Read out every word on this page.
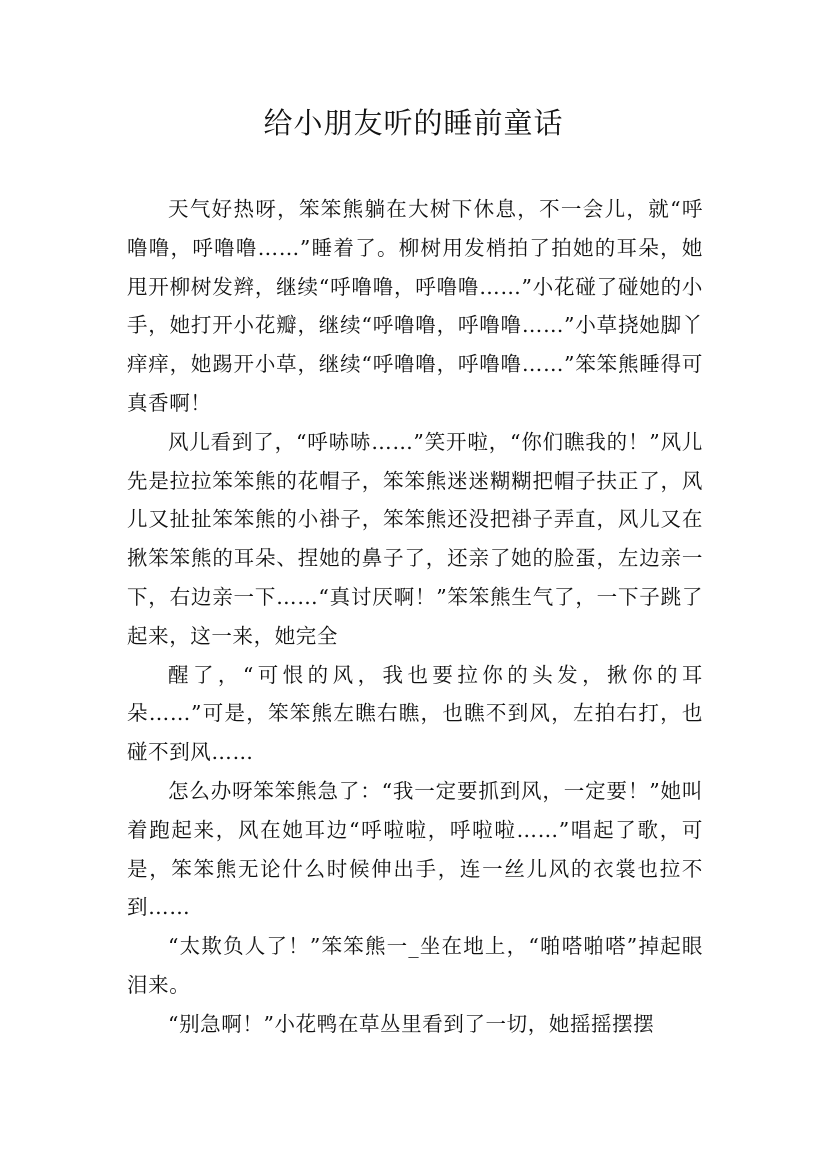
给小朋友听的睡前童话

天气好热呀，笨笨熊躺在大树下休息，不一会儿，就“呼噜噜，呼噜噜……”睡着了。柳树用发梢拍了拍她的耳朵，她甩开柳树发辫，继续“呼噜噜，呼噜噜……”小花碰了碰她的小手，她打开小花瓣，继续“呼噜噜，呼噜噜……”小草挠她脚丫痒痒，她踢开小草，继续“呼噜噜，呼噜噜……”笨笨熊睡得可真香啊！

风儿看到了，“呼哧哧……”笑开啦，“你们瞧我的！”风儿先是拉拉笨笨熊的花帽子，笨笨熊迷迷糊糊把帽子扶正了，风儿又扯扯笨笨熊的小褂子，笨笨熊还没把褂子弄直，风儿又在揪笨笨熊的耳朵、捏她的鼻子了，还亲了她的脸蛋，左边亲一下，右边亲一下……“真讨厌啊！”笨笨熊生气了，一下子跳了起来，这一来，她完全

醒了，“可恨的风，我也要拉你的头发，揪你的耳朵……”可是，笨笨熊左瞧右瞧，也瞧不到风，左拍右打，也碰不到风……

怎么办呀笨笨熊急了：“我一定要抓到风，一定要！”她叫着跑起来，风在她耳边“呼啦啦，呼啦啦……”唱起了歌，可是，笨笨熊无论什么时候伸出手，连一丝儿风的衣裳也拉不到……

“太欺负人了！”笨笨熊一_坐在地上，“啪嗒啪嗒”掉起眼泪来。

“别急啊！”小花鸭在草丛里看到了一切，她摇摇摆摆
